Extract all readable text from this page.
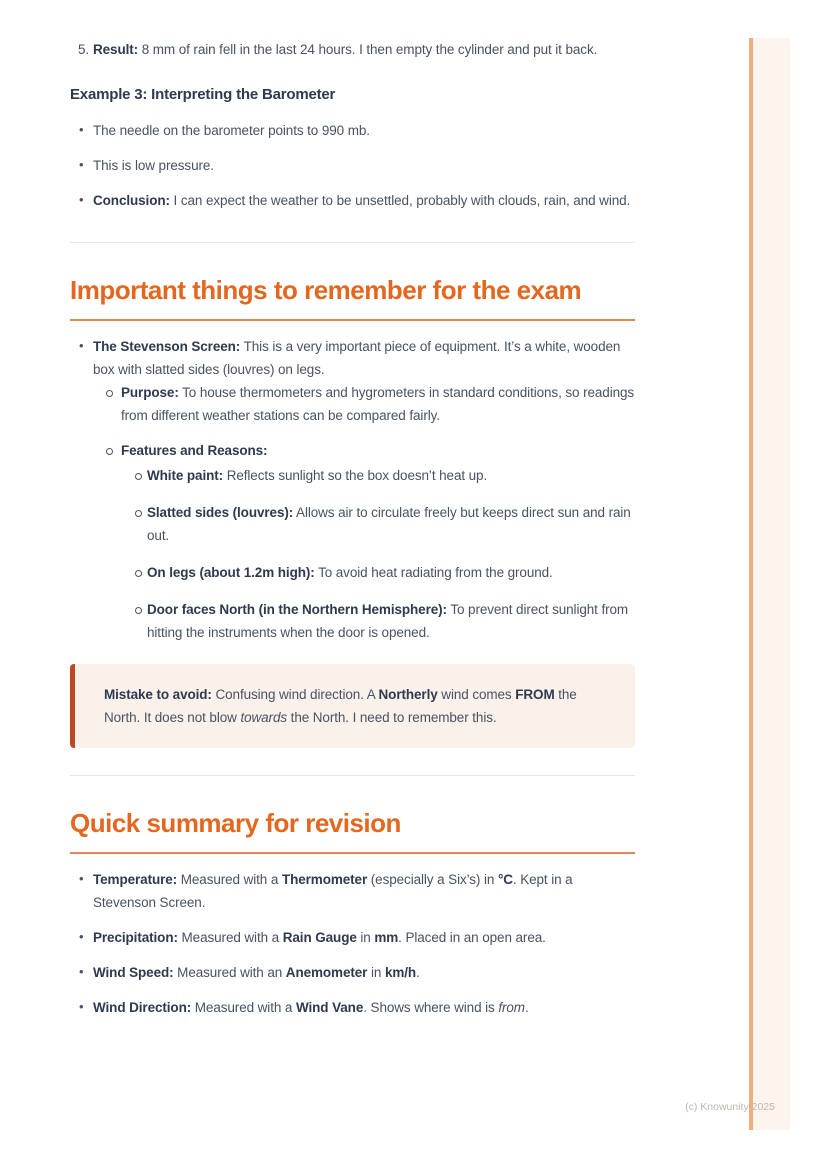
5. Result: 8 mm of rain fell in the last 24 hours. I then empty the cylinder and put it back.

Example 3: Interpreting the Barometer

• The needle on the barometer points to 990 mb.

• This is low pressure.

• Conclusion: I can expect the weather to be unsettled, probably with clouds, rain, and wind.

Important things to remember for the exam

• The Stevenson Screen: This is a very important piece of equipment. It’s a white, wooden box with slatted sides (louvres) on legs.

Purpose: To house thermometers and hygrometers in standard conditions, so readings from different weather stations can be compared fairly.

Features and Reasons:

White paint: Reflects sunlight so the box doesn’t heat up.

Slatted sides (louvres): Allows air to circulate freely but keeps direct sun and rain out.

On legs (about 1.2m high): To avoid heat radiating from the ground.

Door faces North (in the Northern Hemisphere): To prevent direct sunlight from hitting the instruments when the door is opened.

Mistake to avoid: Confusing wind direction. A Northerly wind comes FROM the North. It does not blow towards the North. I need to remember this.

Quick summary for revision

• Temperature: Measured with a Thermometer (especially a Six’s) in °C. Kept in a Stevenson Screen.

• Precipitation: Measured with a Rain Gauge in mm. Placed in an open area.

• Wind Speed: Measured with an Anemometer in km/h.

• Wind Direction: Measured with a Wind Vane. Shows where wind is from.

(c) Knowunity 2025
